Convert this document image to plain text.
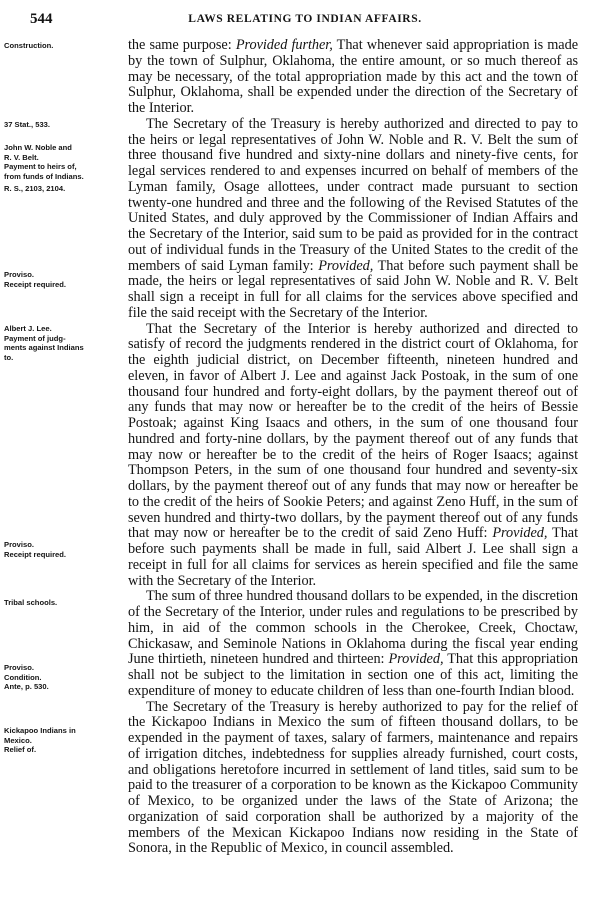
544	LAWS RELATING TO INDIAN AFFAIRS.
Construction.
37 Stat., 533.
John W. Noble and
R. V. Belt.
Payment to heirs of,
from funds of Indians.
R. S., 2103, 2104.
Proviso.
Receipt required.
Albert J. Lee.
Payment of judg-
ments against Indians
to.
Proviso.
Receipt required.
Tribal schools.
Proviso.
Condition.
Ante, p. 530.
Kickapoo Indians in
Mexico.
Relief of.

the same purpose: Provided further, That whenever said appropriation is made by the town of Sulphur, Oklahoma, the entire amount, or so much thereof as may be necessary, of the total appropriation made by this act and the town of Sulphur, Oklahoma, shall be expended under the direction of the Secretary of the Interior.

The Secretary of the Treasury is hereby authorized and directed to pay to the heirs or legal representatives of John W. Noble and R. V. Belt the sum of three thousand five hundred and sixty-nine dollars and ninety-five cents, for legal services rendered to and expenses incurred on behalf of members of the Lyman family, Osage allottees, under contract made pursuant to section twenty-one hundred and three and the following of the Revised Statutes of the United States, and duly approved by the Commissioner of Indian Affairs and the Secretary of the Interior, said sum to be paid as provided for in the contract out of individual funds in the Treasury of the United States to the credit of the members of said Lyman family: Provided, That before such payment shall be made, the heirs or legal representatives of said John W. Noble and R. V. Belt shall sign a receipt in full for all claims for the services above specified and file the said receipt with the Secretary of the Interior.

That the Secretary of the Interior is hereby authorized and directed to satisfy of record the judgments rendered in the district court of Oklahoma, for the eighth judicial district, on December fifteenth, nineteen hundred and eleven, in favor of Albert J. Lee and against Jack Postoak, in the sum of one thousand four hundred and forty-eight dollars, by the payment thereof out of any funds that may now or hereafter be to the credit of the heirs of Bessie Postoak; against King Isaacs and others, in the sum of one thousand four hundred and forty-nine dollars, by the payment thereof out of any funds that may now or hereafter be to the credit of the heirs of Roger Isaacs; against Thompson Peters, in the sum of one thousand four hundred and seventy-six dollars, by the payment thereof out of any funds that may now or hereafter be to the credit of the heirs of Sookie Peters; and against Zeno Huff, in the sum of seven hundred and thirty-two dollars, by the payment thereof out of any funds that may now or hereafter be to the credit of said Zeno Huff: Provided, That before such payments shall be made in full, said Albert J. Lee shall sign a receipt in full for all claims for services as herein specified and file the same with the Secretary of the Interior.

The sum of three hundred thousand dollars to be expended, in the discretion of the Secretary of the Interior, under rules and regulations to be prescribed by him, in aid of the common schools in the Cherokee, Creek, Choctaw, Chickasaw, and Seminole Nations in Oklahoma during the fiscal year ending June thirtieth, nineteen hundred and thirteen: Provided, That this appropriation shall not be subject to the limitation in section one of this act, limiting the expenditure of money to educate children of less than one-fourth Indian blood.

The Secretary of the Treasury is hereby authorized to pay for the relief of the Kickapoo Indians in Mexico the sum of fifteen thousand dollars, to be expended in the payment of taxes, salary of farmers, maintenance and repairs of irrigation ditches, indebtedness for supplies already furnished, court costs, and obligations heretofore incurred in settlement of land titles, said sum to be paid to the treasurer of a corporation to be known as the Kickapoo Community of Mexico, to be organized under the laws of the State of Arizona; the organization of said corporation shall be authorized by a majority of the members of the Mexican Kickapoo Indians now residing in the State of Sonora, in the Republic of Mexico, in council assembled.
